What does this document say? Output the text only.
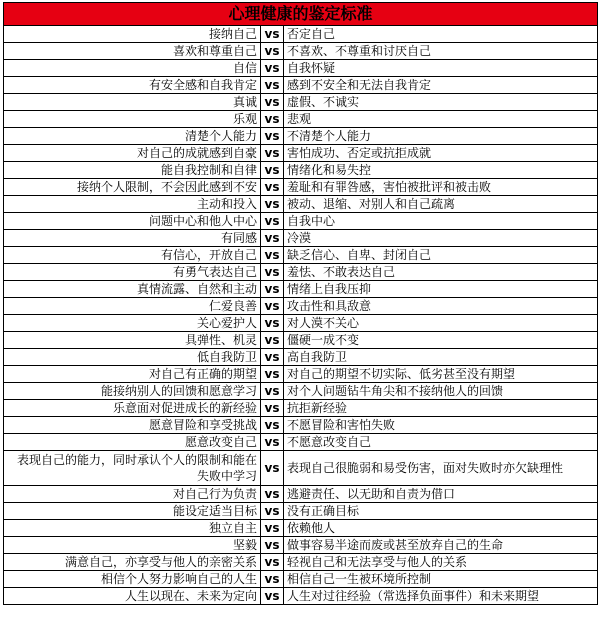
心理健康的鉴定标准		
接纳自己	vs	否定自己
喜欢和尊重自己	vs	不喜欢、不尊重和讨厌自己
自信	vs	自我怀疑
有安全感和自我肯定	vs	感到不安全和无法自我肯定
真诚	vs	虚假、不诚实
乐观	vs	悲观
清楚个人能力	vs	不清楚个人能力
对自己的成就感到自豪	vs	害怕成功、否定或抗拒成就
能自我控制和自律	vs	情绪化和易失控
接纳个人限制，不会因此感到不安	vs	羞耻和有罪咎感，害怕被批评和被击败
主动和投入	vs	被动、退缩、对别人和自己疏离
问题中心和他人中心	vs	自我中心
有同感	vs	冷漠
有信心，开放自己	vs	缺乏信心、自卑、封闭自己
有勇气表达自己	vs	羞怯、不敢表达自己
真情流露、自然和主动	vs	情绪上自我压抑
仁爱良善	vs	攻击性和具敌意
关心爱护人	vs	对人漠不关心
具弹性、机灵	vs	僵硬一成不变
低自我防卫	vs	高自我防卫
对自己有正确的期望	vs	对自己的期望不切实际、低劣甚至没有期望
能接纳别人的回馈和愿意学习	vs	对个人问题钻牛角尖和不接纳他人的回馈
乐意面对促进成长的新经验	vs	抗拒新经验
愿意冒险和享受挑战	vs	不愿冒险和害怕失败
愿意改变自己	vs	不愿意改变自己
表现自己的能力，同时承认个人的限制和能在失败中学习	vs	表现自己很脆弱和易受伤害，面对失败时亦欠缺理性
对自己行为负责	vs	逃避责任、以无助和自责为借口
能设定适当目标	vs	没有正确目标
独立自主	vs	依赖他人
坚毅	vs	做事容易半途而废或甚至放弃自己的生命
满意自己，亦享受与他人的亲密关系	vs	轻视自己和无法享受与他人的关系
相信个人努力影响自己的人生	vs	相信自己一生被环境所控制
人生以现在、未来为定向	vs	人生对过往经验（常选择负面事件）和未来期望
